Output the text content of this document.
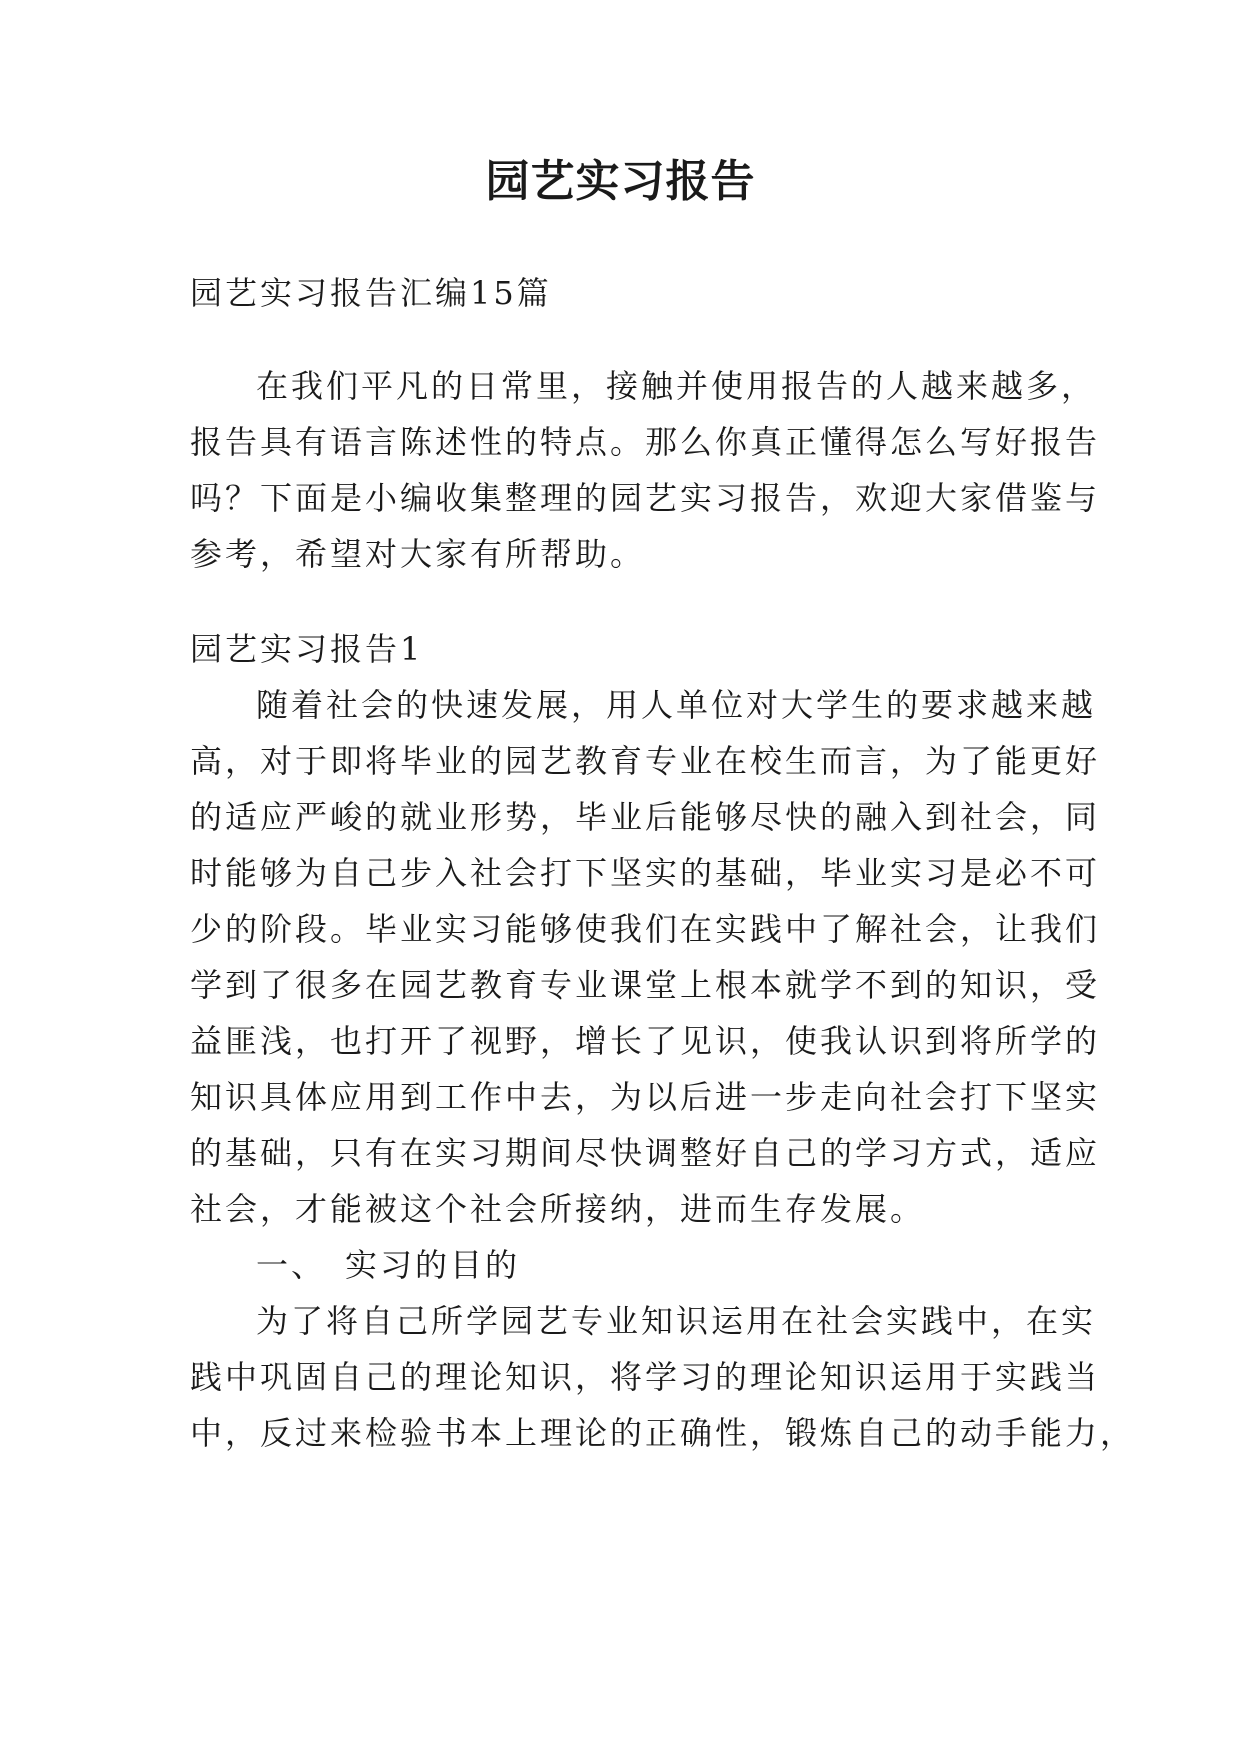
园艺实习报告

园艺实习报告汇编15篇

在我们平凡的日常里，接触并使用报告的人越来越多，

报告具有语言陈述性的特点。那么你真正懂得怎么写好报告

吗？下面是小编收集整理的园艺实习报告，欢迎大家借鉴与

参考，希望对大家有所帮助。

园艺实习报告1

随着社会的快速发展，用人单位对大学生的要求越来越

高，对于即将毕业的园艺教育专业在校生而言，为了能更好

的适应严峻的就业形势，毕业后能够尽快的融入到社会，同

时能够为自己步入社会打下坚实的基础，毕业实习是必不可

少的阶段。毕业实习能够使我们在实践中了解社会，让我们

学到了很多在园艺教育专业课堂上根本就学不到的知识，受

益匪浅，也打开了视野，增长了见识，使我认识到将所学的

知识具体应用到工作中去，为以后进一步走向社会打下坚实

的基础，只有在实习期间尽快调整好自己的学习方式，适应

社会，才能被这个社会所接纳，进而生存发展。

一、　实习的目的

为了将自己所学园艺专业知识运用在社会实践中，在实

践中巩固自己的理论知识，将学习的理论知识运用于实践当

中，反过来检验书本上理论的正确性，锻炼自己的动手能力，
